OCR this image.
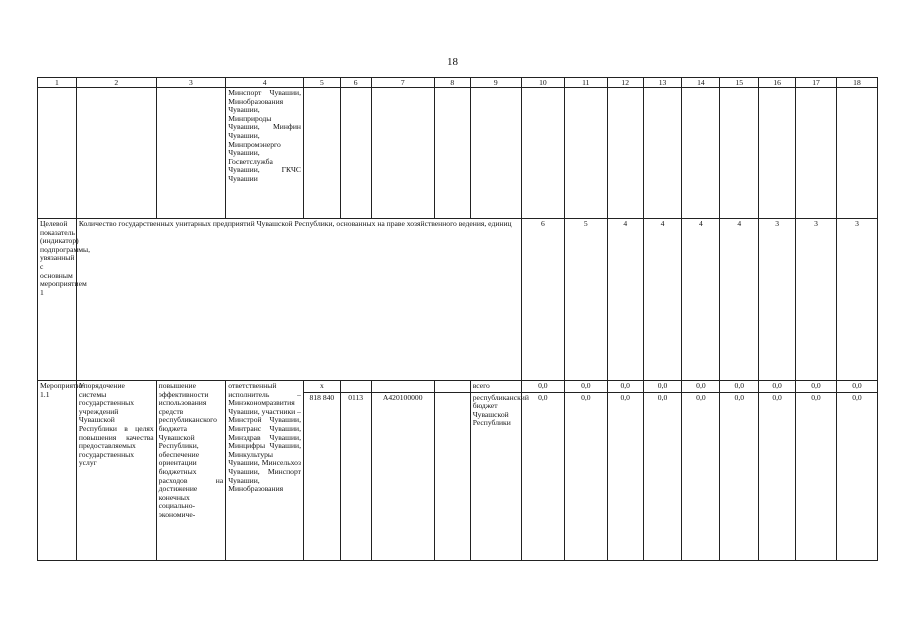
18
1	2	3	4	5	6	7	8	9	10	11	12	13	14	15	16	17	18
			Минспорт Чувашии, Минобразования Чувашии, Минприроды Чувашии, Минфин Чувашии, Минпромэнерго Чувашии, Госветслужба Чувашии, ГКЧС Чувашии														
Целевой показатель (индикатор) подпрограммы, увязанный с основным мероприятием 1	Количество государственных унитарных предприятий Чувашской Республики, основанных на праве хозяйственного ведения, единиц								6	5	4	4	4	4	3	3	3
Мероприятие 1.1	Упорядочение системы государственных учреждений Чувашской Республики в целях повышения качества предоставляемых государственных услуг	повышение эффективности использования средств республиканского бюджета Чувашской Республики, обеспечение ориентации бюджетных расходов на достижение конечных социально-экономиче-	ответственный исполнитель – Минэкономразвития Чувашии, участники – Минстрой Чувашии, Минтранс Чувашии, Минздрав Чувашии, Минцифры Чувашии, Минкультуры Чувашии, Минсельхоз Чувашии, Минспорт Чувашии, Минобразования	х				всего	0,0	0,0	0,0	0,0	0,0	0,0	0,0	0,0	0,0
				818 840	0113	А420100000		республиканский бюджет Чувашской Республики	0,0	0,0	0,0	0,0	0,0	0,0	0,0	0,0	0,0
